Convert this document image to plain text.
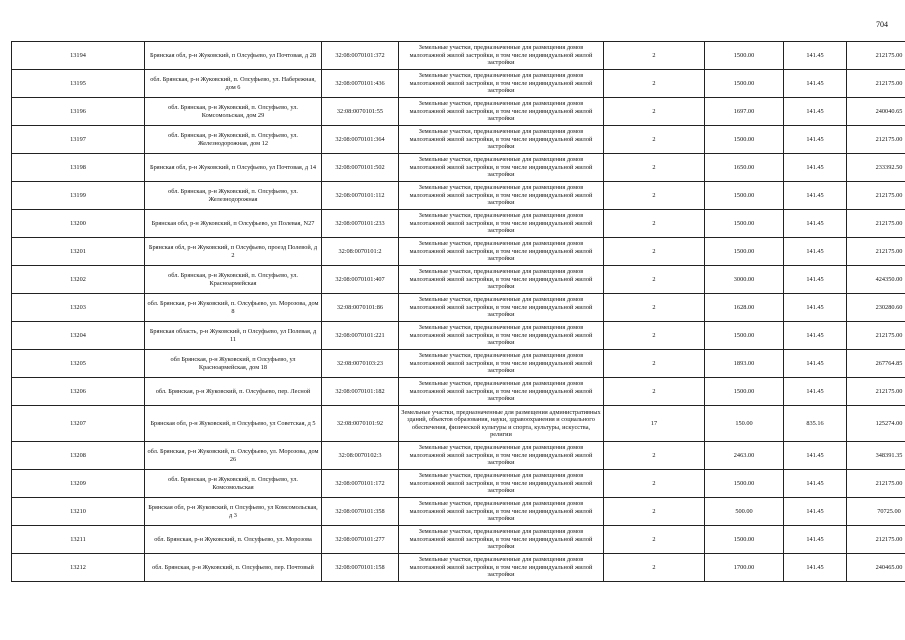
704
13194	Брянская обл, р-н Жуковский, п Олсуфьево, ул Почтовая, д 28	32:08:0070101:372	Земельные участки, предназначенные для размещения домов малоэтажной жилой застройки, в том числе индивидуальной жилой застройки	2	1500.00	141.45	212175.00
13195	обл. Брянская, р-н Жуковский, п. Олсуфьево, ул. Набережная, дом 6	32:08:0070101:436	Земельные участки, предназначенные для размещения домов малоэтажной жилой застройки, в том числе индивидуальной жилой застройки	2	1500.00	141.45	212175.00
13196	обл. Брянская, р-н Жуковский, п. Олсуфьево, ул. Комсомольская, дом 29	32:08:0070101:55	Земельные участки, предназначенные для размещения домов малоэтажной жилой застройки, в том числе индивидуальной жилой застройки	2	1697.00	141.45	240040.65
13197	обл. Брянская, р-н Жуковский, п. Олсуфьево, ул. Железнодорожная, дом 12	32:08:0070101:364	Земельные участки, предназначенные для размещения домов малоэтажной жилой застройки, в том числе индивидуальной жилой застройки	2	1500.00	141.45	212175.00
13198	Брянская обл, р-н Жуковский, п Олсуфьево, ул Почтовая, д 14	32:08:0070101:502	Земельные участки, предназначенные для размещения домов малоэтажной жилой застройки, в том числе индивидуальной жилой застройки	2	1650.00	141.45	233392.50
13199	обл. Брянская, р-н Жуковский, п. Олсуфьево, ул. Железнодорожная	32:08:0070101:112	Земельные участки, предназначенные для размещения домов малоэтажной жилой застройки, в том числе индивидуальной жилой застройки	2	1500.00	141.45	212175.00
13200	Брянская обл, р-н Жуковский, п Олсуфьево, ул Полевая, N27	32:08:0070101:233	Земельные участки, предназначенные для размещения домов малоэтажной жилой застройки, в том числе индивидуальной жилой застройки	2	1500.00	141.45	212175.00
13201	Брянская обл, р-н Жуковский, п Олсуфьево, проезд Полевой, д 2	32:08:0070101:2	Земельные участки, предназначенные для размещения домов малоэтажной жилой застройки, в том числе индивидуальной жилой застройки	2	1500.00	141.45	212175.00
13202	обл. Брянская, р-н Жуковский, п. Олсуфьево, ул. Красноармейская	32:08:0070101:407	Земельные участки, предназначенные для размещения домов малоэтажной жилой застройки, в том числе индивидуальной жилой застройки	2	3000.00	141.45	424350.00
13203	обл. Брянская, р-н Жуковский, п. Олсуфьево, ул. Морозова, дом 8	32:08:0070101:86	Земельные участки, предназначенные для размещения домов малоэтажной жилой застройки, в том числе индивидуальной жилой застройки	2	1628.00	141.45	230280.60
13204	Брянская область, р-н Жуковский, п Олсуфьево, ул Полевая, д 11	32:08:0070101:221	Земельные участки, предназначенные для размещения домов малоэтажной жилой застройки, в том числе индивидуальной жилой застройки	2	1500.00	141.45	212175.00
13205	обл Брянская, р-н Жуковский, п Олсуфьево, ул Красноармейская, дом 18	32:08:0070103:23	Земельные участки, предназначенные для размещения домов малоэтажной жилой застройки, в том числе индивидуальной жилой застройки	2	1893.00	141.45	267764.85
13206	обл. Брянская, р-н Жуковский, п. Олсуфьево, пер. Лесной	32:08:0070101:182	Земельные участки, предназначенные для размещения домов малоэтажной жилой застройки, в том числе индивидуальной жилой застройки	2	1500.00	141.45	212175.00
13207	Брянская обл, р-н Жуковский, п Олсуфьево, ул Советская, д 5	32:08:0070101:92	Земельные участки, предназначенные для размещения административных зданий, объектов образования, науки, здравоохранения и социального обеспечения, физической культуры и спорта, культуры, искусства, религии	17	150.00	835.16	125274.00
13208	обл. Брянская, р-н Жуковский, п. Олсуфьево, ул. Морозова, дом 26	32:08:0070102:3	Земельные участки, предназначенные для размещения домов малоэтажной жилой застройки, в том числе индивидуальной жилой застройки	2	2463.00	141.45	348391.35
13209	обл. Брянская, р-н Жуковский, п. Олсуфьево, ул. Комсомольская	32:08:0070101:172	Земельные участки, предназначенные для размещения домов малоэтажной жилой застройки, в том числе индивидуальной жилой застройки	2	1500.00	141.45	212175.00
13210	Брянская обл, р-н Жуковский, п Олсуфьево, ул Комсомольская, д 3	32:08:0070101:358	Земельные участки, предназначенные для размещения домов малоэтажной жилой застройки, в том числе индивидуальной жилой застройки	2	500.00	141.45	70725.00
13211	обл. Брянская, р-н Жуковский, п. Олсуфьево, ул. Морозова	32:08:0070101:277	Земельные участки, предназначенные для размещения домов малоэтажной жилой застройки, в том числе индивидуальной жилой застройки	2	1500.00	141.45	212175.00
13212	обл. Брянская, р-н Жуковский, п. Олсуфьево, пер. Почтовый	32:08:0070101:158	Земельные участки, предназначенные для размещения домов малоэтажной жилой застройки, в том числе индивидуальной жилой застройки	2	1700.00	141.45	240465.00
